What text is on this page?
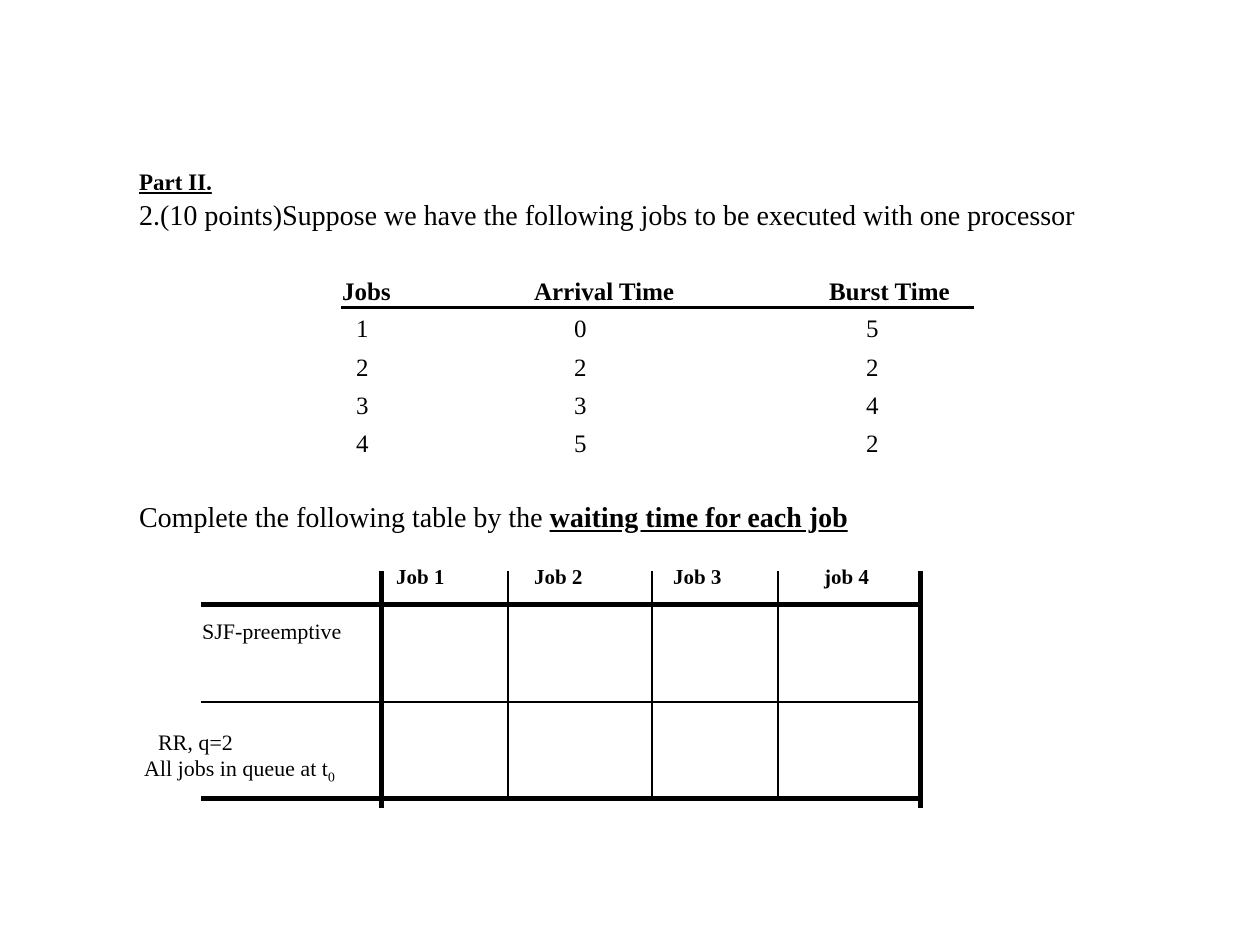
Part II.
2.(10 points)Suppose we have the following jobs to be executed with one processor
Jobs	Arrival Time	Burst Time
1	0	5
2	2	2
3	3	4
4	5	2
Complete the following table by the waiting time for each job
Job 1	Job 2	Job 3	job 4
SJF-preemptive
RR, q=2
All jobs in queue at $t_0$
